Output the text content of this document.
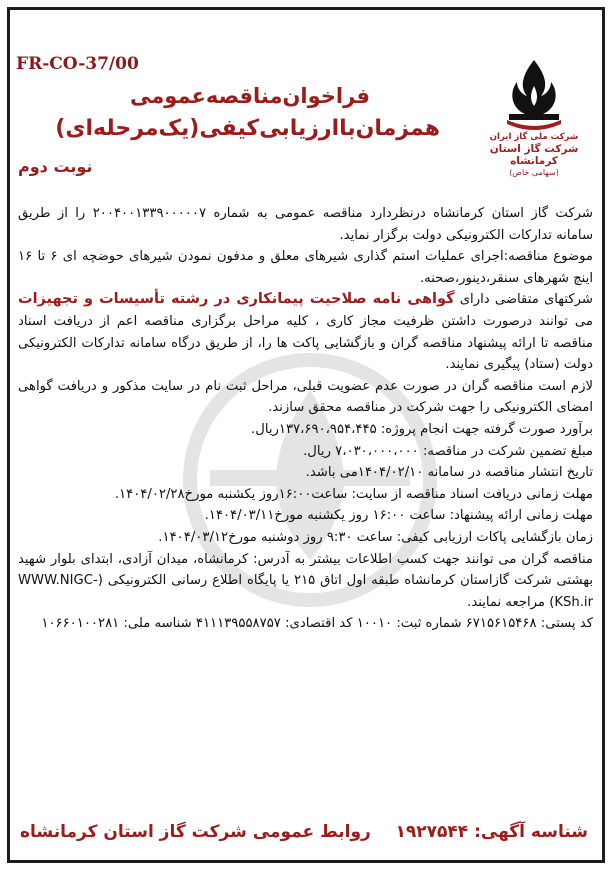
FR-CO-37/00
فراخوان‌مناقصه‌عمومی
همزمان‌باارزیابی‌کیفی(یک‌مرحله‌ای)
نوبت دوم
شرکت ملی گاز ایران
شرکت گاز استان کرمانشاه
(سهامی خاص)

شرکت گاز استان کرمانشاه درنظردارد مناقصه عمومی به شماره ۲۰۰۴۰۰۱۳۳۹۰۰۰۰۰۷ را از طریق سامانه تدارکات الکترونیکی دولت برگزار نماید.

موضوع مناقصه:اجرای عملیات استم گذاری شیرهای معلق و مدفون نمودن شیرهای حوضچه ای ۶ تا ۱۶ اینچ شهرهای سنقر،دینور،صحنه.

شرکتهای متقاضی دارای گواهی نامه صلاحیت پیمانکاری در رشته تأسیسات و تجهیزات می توانند درصورت داشتن ظرفیت مجاز کاری ، کلیه مراحل برگزاری مناقصه اعم از دریافت اسناد مناقصه تا ارائه پیشنهاد مناقصه گران و بازگشایی پاکت ها را، از طریق درگاه سامانه تدارکات الکترونیکی دولت (ستاد) پیگیری نمایند.

لازم است مناقصه گران در صورت عدم عضویت قبلی، مراحل ثبت نام در سایت مذکور و دریافت گواهی امضای الکترونیکی را جهت شرکت در مناقصه محقق سازند.

برآورد صورت گرفته جهت انجام پروژه: ۱۳۷،۶۹۰،۹۵۴،۴۴۵ریال.

مبلغ تضمین شرکت در مناقصه: ۷،۰۳۰،۰۰۰،۰۰۰ ریال.

تاریخ انتشار مناقصه در سامانه ۱۴۰۴/۰۲/۱۰می باشد.

مهلت زمانی دریافت اسناد مناقصه از سایت: ساعت۱۶:۰۰روز یکشنبه مورخ۱۴۰۴/۰۲/۲۸.

مهلت زمانی ارائه پیشنهاد: ساعت ۱۶:۰۰ روز یکشنبه مورخ۱۴۰۴/۰۳/۱۱.

زمان بازگشایی پاکات ارزیابی کیفی: ساعت ۹:۳۰ روز دوشنبه مورخ۱۴۰۴/۰۳/۱۲.

مناقصه گران می توانند جهت کسب اطلاعات بیشتر به آدرس: کرمانشاه، میدان آزادی، ابتدای بلوار شهید بهشتی شرکت گازاستان کرمانشاه طبقه اول اتاق ۲۱۵ یا پایگاه اطلاع رسانی الکترونیکی (WWW.NIGC-KSh.ir) مراجعه نمایند.

کد پستی: ۶۷۱۵۶۱۵۴۶۸ شماره ثبت: ۱۰۰۱۰ کد اقتصادی: ۴۱۱۱۳۹۵۵۸۷۵۷ شناسه ملی: ۱۰۶۶۰۱۰۰۲۸۱

شناسه آگهی: ۱۹۲۷۵۴۴
روابط عمومی شرکت گاز استان کرمانشاه
